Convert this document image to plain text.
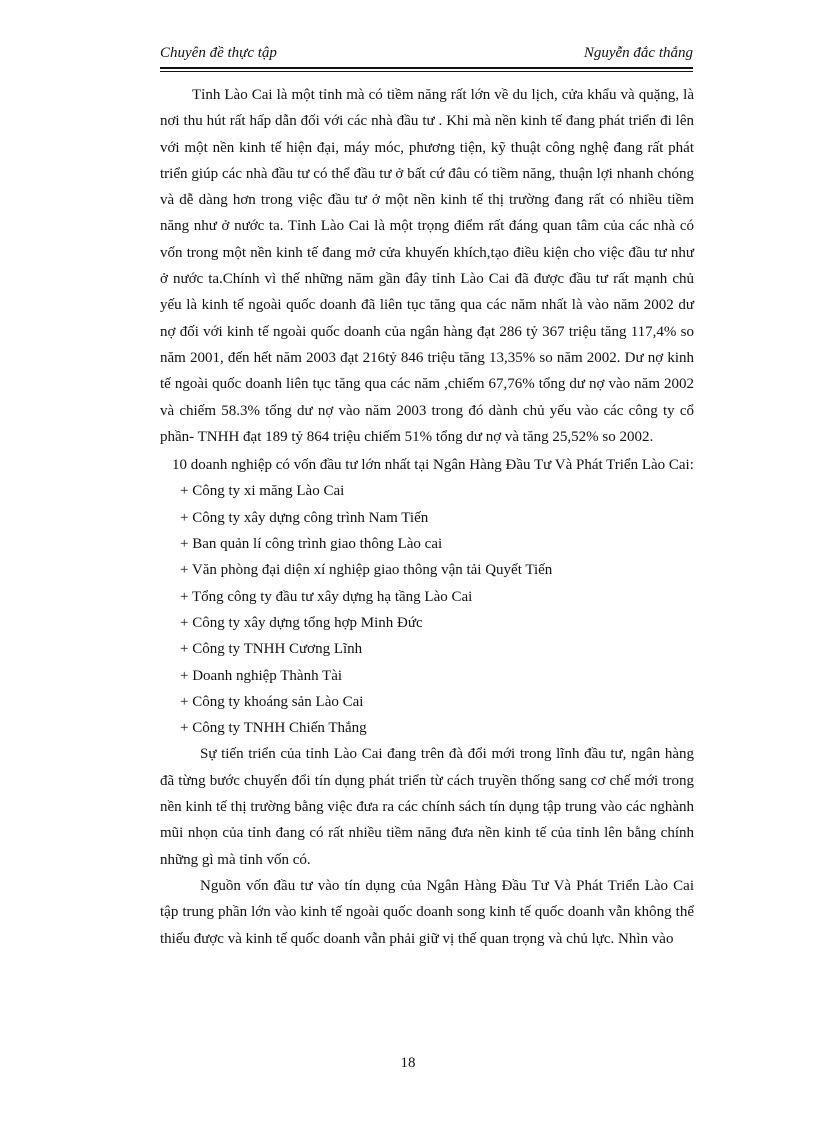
Chuyên đề thực tập	Nguyễn đắc thắng

Tỉnh Lào Cai là một tỉnh mà có tiềm năng rất lớn về du lịch, cửa khẩu và quặng, là nơi thu hút rất hấp dẫn đối với các nhà đầu tư . Khi mà nền kinh tế đang phát triển đi lên với một nền kinh tế hiện đại, máy móc, phương tiện, kỹ thuật công nghệ đang rất phát triển giúp các nhà đầu tư có thể đầu tư ở bất cứ đâu có tiềm năng, thuận lợi nhanh chóng và dễ dàng hơn trong việc đầu tư ở một nền kinh tế thị trường đang rất có nhiều tiềm năng như ở nước ta. Tỉnh Lào Cai là một trọng điểm rất đáng quan tâm của các nhà có vốn trong một nền kinh tế đang mở cửa khuyến khích,tạo điều kiện cho việc đầu tư như ở nước ta.Chính vì thế những năm gần đây tỉnh Lào Cai đã được đầu tư rất mạnh chủ yếu là kinh tế ngoài quốc doanh đã liên tục tăng qua các năm nhất là vào năm 2002 dư nợ đối với kinh tế ngoài quốc doanh của ngân hàng đạt 286 tỷ 367 triệu tăng 117,4% so năm 2001, đến hết năm 2003 đạt 216tỷ 846 triệu tăng 13,35% so năm 2002. Dư nợ kinh tế ngoài quốc doanh liên tục tăng qua các năm ,chiếm 67,76% tổng dư nợ vào năm 2002 và chiếm 58.3% tổng dư nợ vào năm 2003 trong đó dành chủ yếu vào các công ty cổ phần- TNHH đạt 189 tỷ 864 triệu chiếm 51% tổng dư nợ và tăng 25,52% so 2002.

10 doanh nghiệp có vốn đầu tư lớn nhất tại Ngân Hàng Đầu Tư Và Phát Triển Lào Cai:

+ Công ty xi măng Lào Cai
+ Công ty xây dựng công trình Nam Tiến
+ Ban quản lí công trình giao thông Lào cai
+ Văn phòng đại diện xí nghiệp giao thông vận tải Quyết Tiến
+ Tổng công ty đầu tư xây dựng hạ tầng Lào Cai
+ Công ty xây dựng tổng hợp Minh Đức
+ Công ty TNHH Cương Lĩnh
+ Doanh nghiệp Thành Tài
+ Công ty khoáng sản Lào Cai
+ Công ty TNHH Chiến Thắng

Sự tiến triển của tỉnh Lào Cai đang trên đà đổi mới trong lĩnh đầu tư, ngân hàng đã từng bước chuyển đổi tín dụng phát triển từ cách truyền thống sang cơ chế mới trong nền kinh tế thị trường bằng việc đưa ra các chính sách tín dụng tập trung vào các nghành mũi nhọn của tỉnh đang có rất nhiều tiềm năng đưa nền kinh tế của tỉnh lên bằng chính những gì mà tỉnh vốn có.

Nguồn vốn đầu tư vào tín dụng của Ngân Hàng Đầu Tư Và Phát Triển Lào Cai tập trung phần lớn vào kinh tế ngoài quốc doanh song kinh tế quốc doanh vẫn không thể thiếu được và kinh tế quốc doanh vẫn phải giữ vị thế quan trọng và chủ lực. Nhìn vào

18
